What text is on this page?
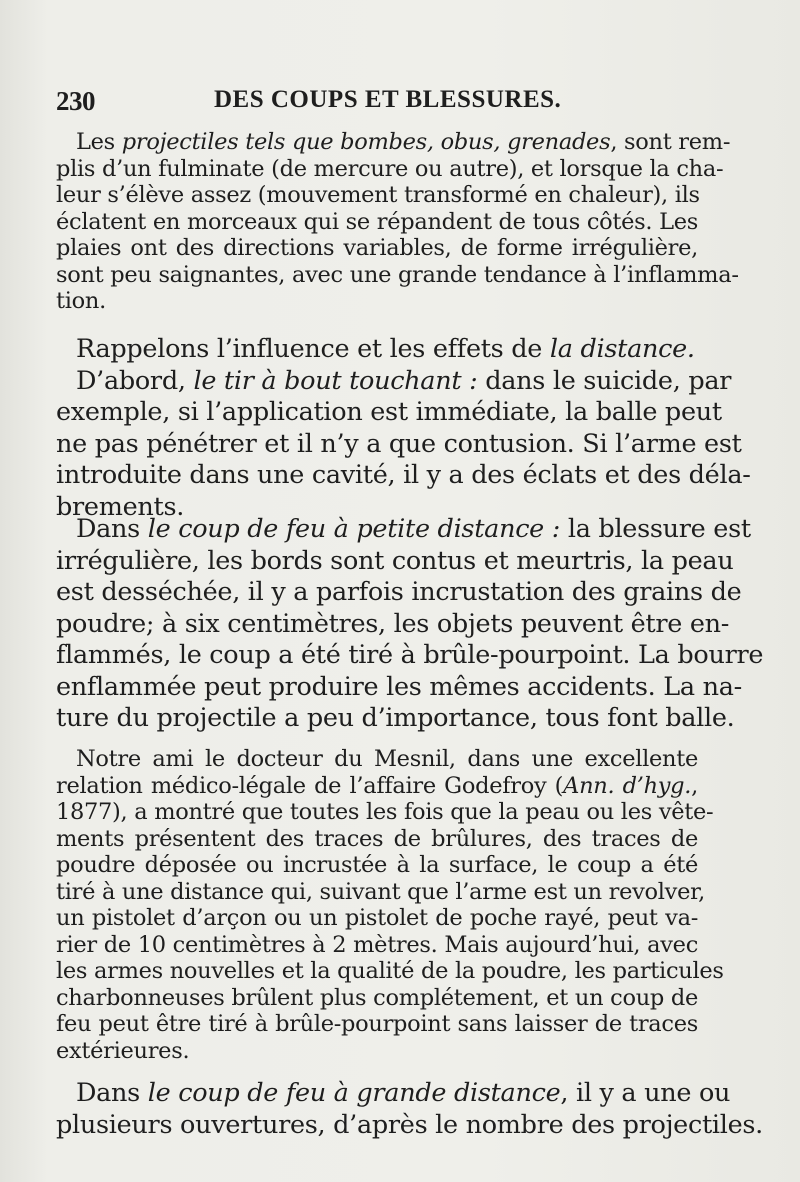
230	DES COUPS ET BLESSURES.
Les projectiles tels que bombes, obus, grenades, sont rem-
plis d’un fulminate (de mercure ou autre), et lorsque la cha-
leur s’élève assez (mouvement transformé en chaleur), ils
éclatent en morceaux qui se répandent de tous côtés. Les
plaies ont des directions variables, de forme irrégulière,
sont peu saignantes, avec une grande tendance à l’inflamma-
tion.
Rappelons l’influence et les effets de la distance.
D’abord, le tir à bout touchant : dans le suicide, par
exemple, si l’application est immédiate, la balle peut
ne pas pénétrer et il n’y a que contusion. Si l’arme est
introduite dans une cavité, il y a des éclats et des déla-
brements.
Dans le coup de feu à petite distance : la blessure est
irrégulière, les bords sont contus et meurtris, la peau
est desséchée, il y a parfois incrustation des grains de
poudre; à six centimètres, les objets peuvent être en-
flammés, le coup a été tiré à brûle-pourpoint. La bourre
enflammée peut produire les mêmes accidents. La na-
ture du projectile a peu d’importance, tous font balle.
Notre ami le docteur du Mesnil, dans une excellente
relation médico-légale de l’affaire Godefroy (Ann. d’hyg.,
1877), a montré que toutes les fois que la peau ou les vête-
ments présentent des traces de brûlures, des traces de
poudre déposée ou incrustée à la surface, le coup a été
tiré à une distance qui, suivant que l’arme est un revolver,
un pistolet d’arçon ou un pistolet de poche rayé, peut va-
rier de 10 centimètres à 2 mètres. Mais aujourd’hui, avec
les armes nouvelles et la qualité de la poudre, les particules
charbonneuses brûlent plus complétement, et un coup de
feu peut être tiré à brûle-pourpoint sans laisser de traces
extérieures.
Dans le coup de feu à grande distance, il y a une ou
plusieurs ouvertures, d’après le nombre des projectiles.
